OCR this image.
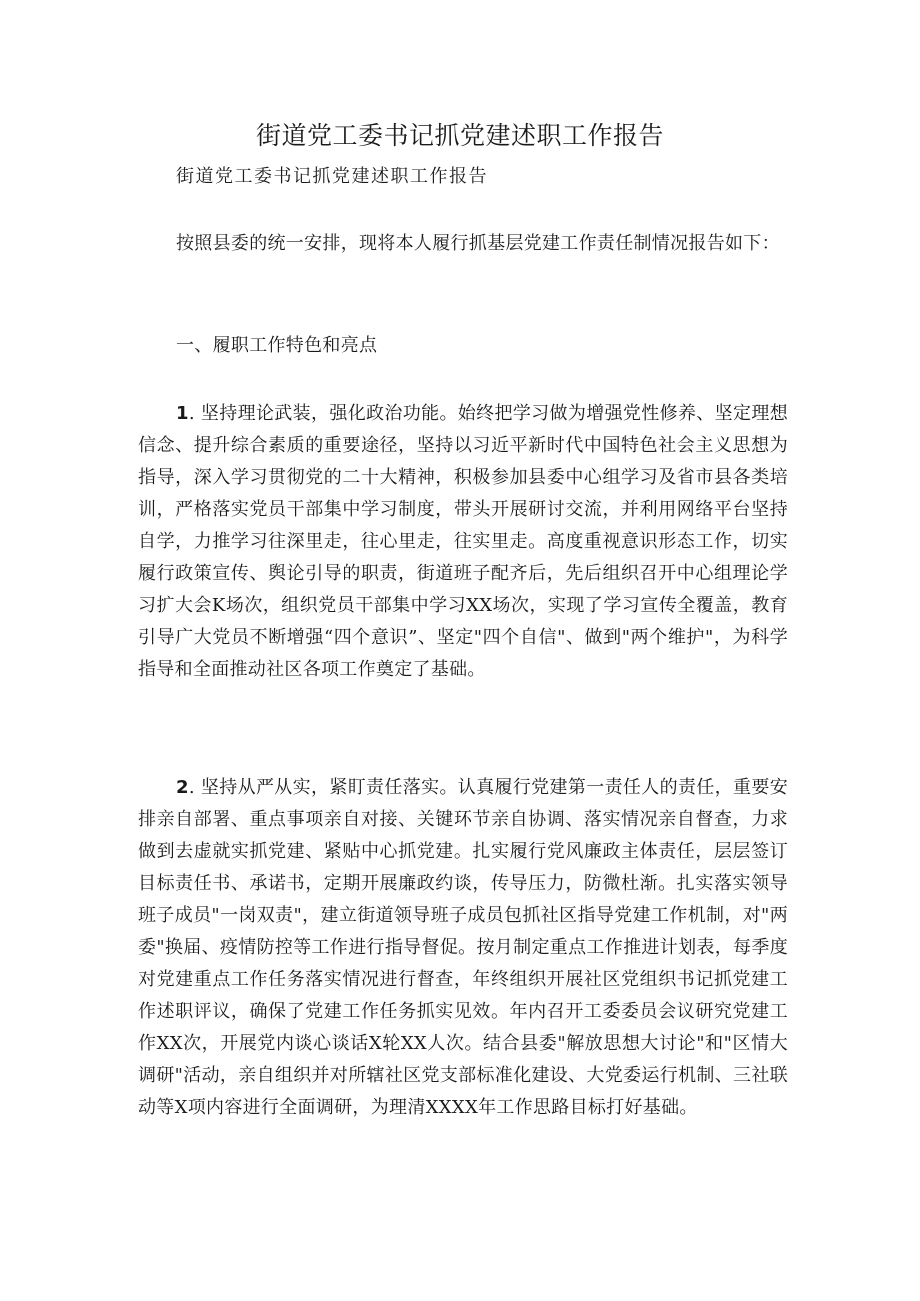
街道党工委书记抓党建述职工作报告

街道党工委书记抓党建述职工作报告

按照县委的统一安排，现将本人履行抓基层党建工作责任制情况报告如下：

一、履职工作特色和亮点

1. 坚持理论武装，强化政治功能。始终把学习做为增强党性修养、坚定理想信念、提升综合素质的重要途径，坚持以习近平新时代中国特色社会主义思想为指导，深入学习贯彻党的二十大精神，积极参加县委中心组学习及省市县各类培训，严格落实党员干部集中学习制度，带头开展研讨交流，并利用网络平台坚持自学，力推学习往深里走，往心里走，往实里走。高度重视意识形态工作，切实履行政策宣传、舆论引导的职责，街道班子配齐后，先后组织召开中心组理论学习扩大会K场次，组织党员干部集中学习XX场次，实现了学习宣传全覆盖，教育引导广大党员不断增强“四个意识”、坚定"四个自信"、做到"两个维护"，为科学指导和全面推动社区各项工作奠定了基础。

2. 坚持从严从实，紧盯责任落实。认真履行党建第一责任人的责任，重要安排亲自部署、重点事项亲自对接、关键环节亲自协调、落实情况亲自督查，力求做到去虚就实抓党建、紧贴中心抓党建。扎实履行党风廉政主体责任，层层签订目标责任书、承诺书，定期开展廉政约谈，传导压力，防微杜渐。扎实落实领导班子成员"一岗双责"，建立街道领导班子成员包抓社区指导党建工作机制，对"两委"换届、疫情防控等工作进行指导督促。按月制定重点工作推进计划表，每季度对党建重点工作任务落实情况进行督查，年终组织开展社区党组织书记抓党建工作述职评议，确保了党建工作任务抓实见效。年内召开工委委员会议研究党建工作XX次，开展党内谈心谈话X轮XX人次。结合县委"解放思想大讨论"和"区情大调研"活动，亲自组织并对所辖社区党支部标准化建设、大党委运行机制、三社联动等X项内容进行全面调研，为理清XXXX年工作思路目标打好基础。
